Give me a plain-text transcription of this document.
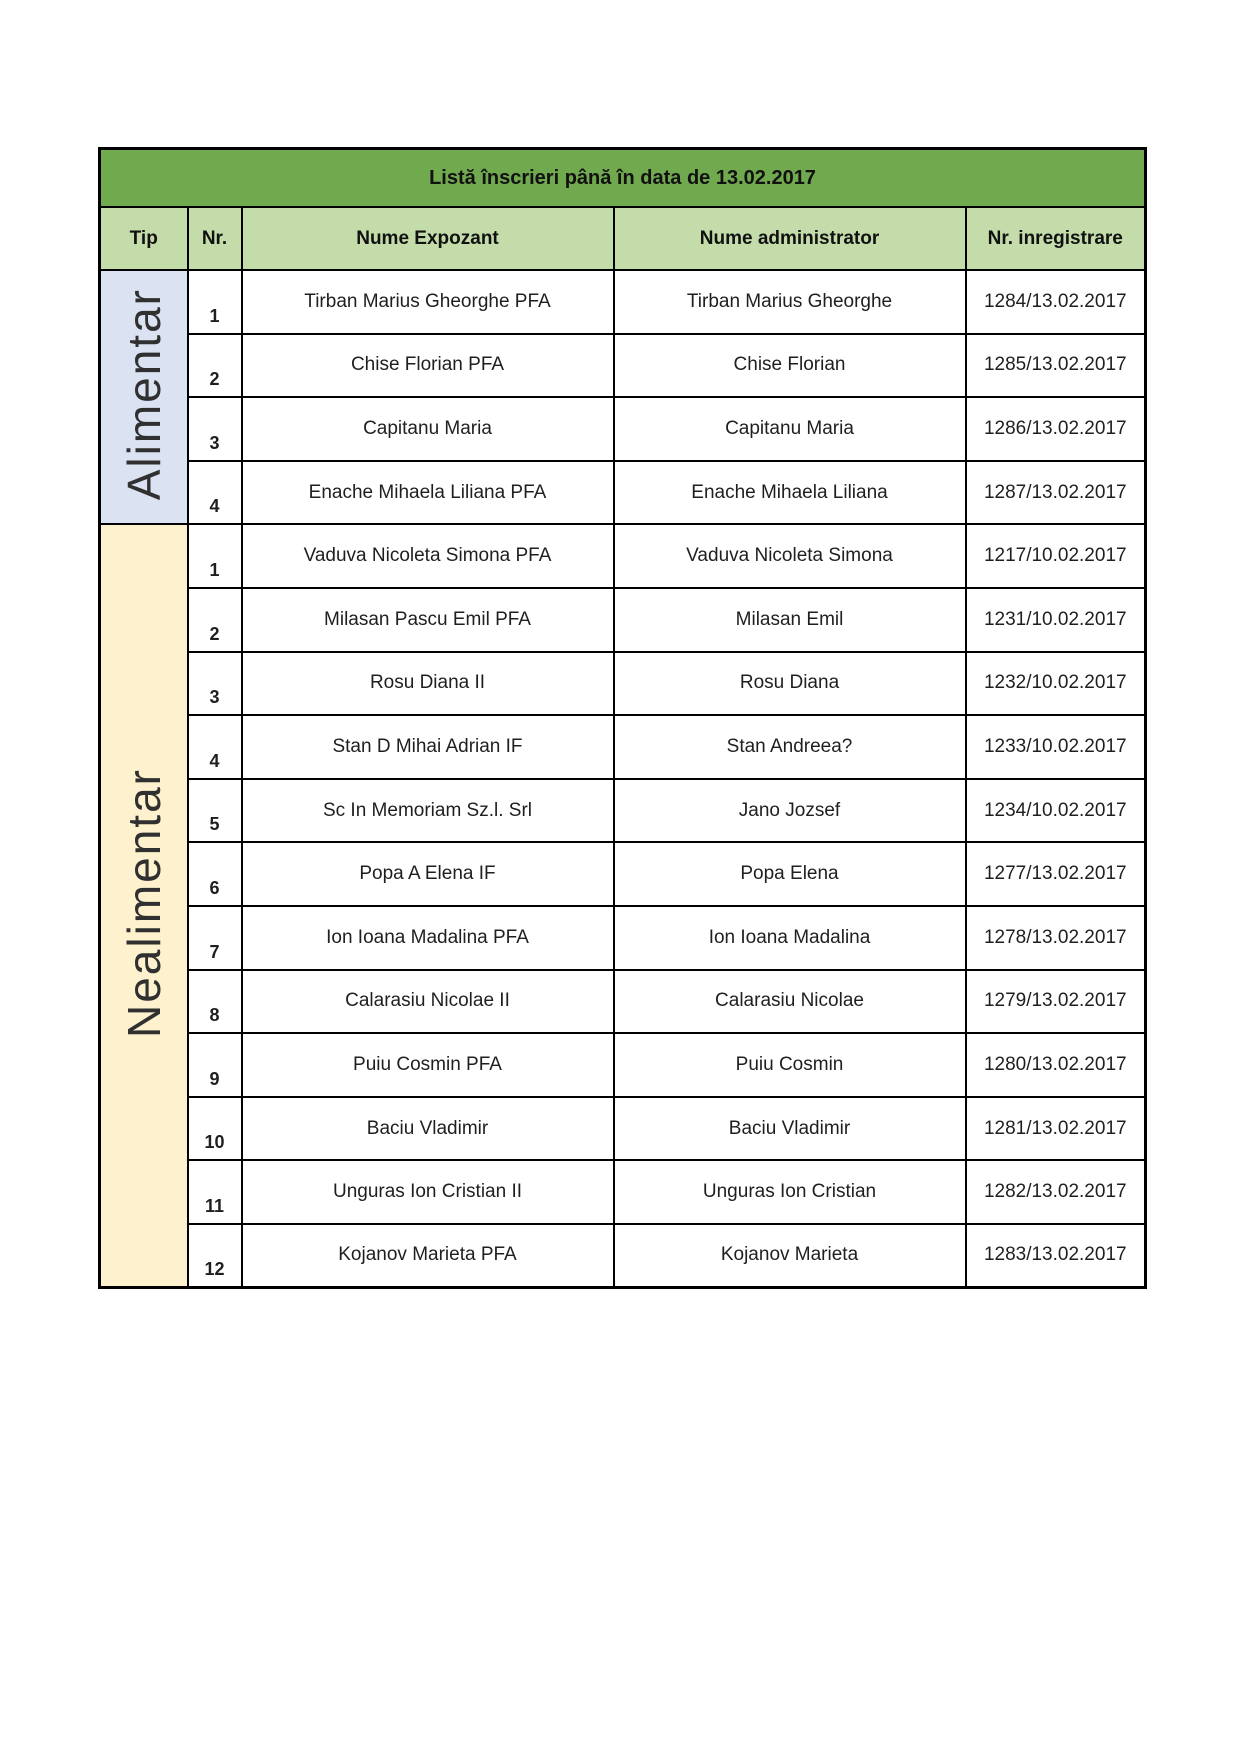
Listă înscrieri până în data de 13.02.2017				
Tip	Nr.	Nume Expozant	Nume administrator	Nr. inregistrare
Alimentar	1	Tirban Marius Gheorghe PFA	Tirban Marius Gheorghe	1284/13.02.2017
	2	Chise Florian PFA	Chise Florian	1285/13.02.2017
	3	Capitanu Maria	Capitanu Maria	1286/13.02.2017
	4	Enache Mihaela Liliana PFA	Enache Mihaela Liliana	1287/13.02.2017
Nealimentar	1	Vaduva Nicoleta Simona PFA	Vaduva Nicoleta Simona	1217/10.02.2017
	2	Milasan Pascu Emil PFA	Milasan Emil	1231/10.02.2017
	3	Rosu Diana II	Rosu Diana	1232/10.02.2017
	4	Stan D Mihai Adrian IF	Stan Andreea?	1233/10.02.2017
	5	Sc In Memoriam Sz.l. Srl	Jano Jozsef	1234/10.02.2017
	6	Popa A Elena IF	Popa Elena	1277/13.02.2017
	7	Ion Ioana Madalina PFA	Ion Ioana Madalina	1278/13.02.2017
	8	Calarasiu Nicolae II	Calarasiu Nicolae	1279/13.02.2017
	9	Puiu Cosmin PFA	Puiu Cosmin	1280/13.02.2017
	10	Baciu Vladimir	Baciu Vladimir	1281/13.02.2017
	11	Unguras Ion Cristian II	Unguras Ion Cristian	1282/13.02.2017
	12	Kojanov Marieta PFA	Kojanov Marieta	1283/13.02.2017
